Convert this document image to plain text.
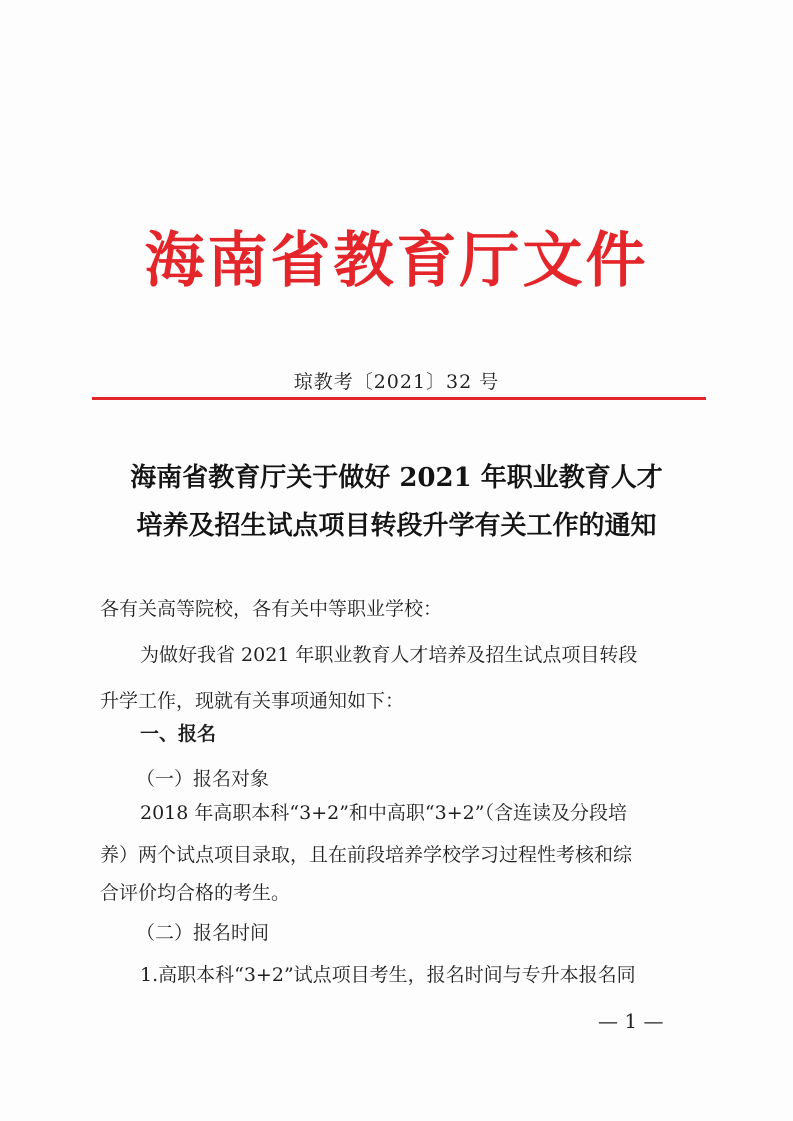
海南省教育厅文件
琼教考〔2021〕32 号
海南省教育厅关于做好 2021 年职业教育人才
培养及招生试点项目转段升学有关工作的通知
各有关高等院校，各有关中等职业学校：
为做好我省 2021 年职业教育人才培养及招生试点项目转段
升学工作，现就有关事项通知如下：
一、报名
（一）报名对象
2018 年高职本科“3+2”和中高职“3+2”（含连读及分段培
养）两个试点项目录取，且在前段培养学校学习过程性考核和综
合评价均合格的考生。
（二）报名时间
1.高职本科“3+2”试点项目考生，报名时间与专升本报名同
— 1 —
